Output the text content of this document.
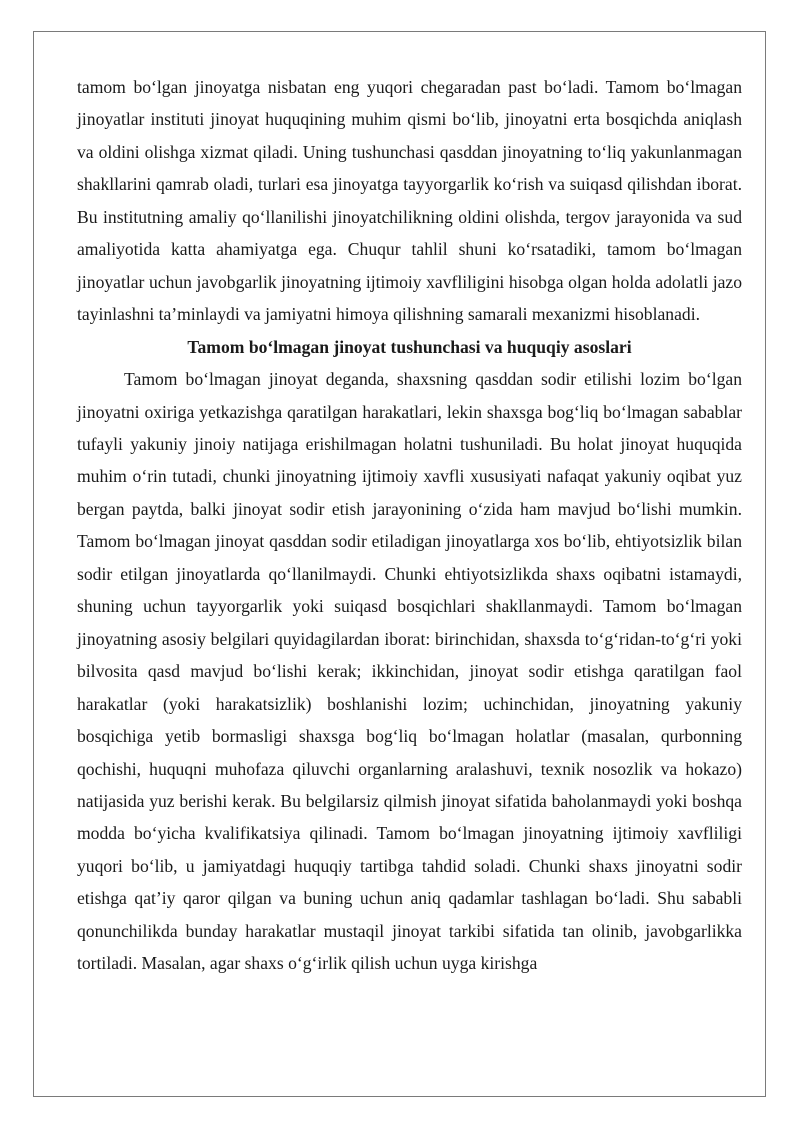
tamom bo‘lgan jinoyatga nisbatan eng yuqori chegaradan past bo‘ladi. Tamom bo‘lmagan jinoyatlar instituti jinoyat huquqining muhim qismi bo‘lib, jinoyatni erta bosqichda aniqlash va oldini olishga xizmat qiladi. Uning tushunchasi qasddan jinoyatning to‘liq yakunlanmagan shakllarini qamrab oladi, turlari esa jinoyatga tayyorgarlik ko‘rish va suiqasd qilishdan iborat. Bu institutning amaliy qo‘llanilishi jinoyatchilikning oldini olishda, tergov jarayonida va sud amaliyotida katta ahamiyatga ega. Chuqur tahlil shuni ko‘rsatadiki, tamom bo‘lmagan jinoyatlar uchun javobgarlik jinoyatning ijtimoiy xavfliligini hisobga olgan holda adolatli jazo tayinlashni ta’minlaydi va jamiyatni himoya qilishning samarali mexanizmi hisoblanadi.

Tamom bo‘lmagan jinoyat tushunchasi va huquqiy asoslari

Tamom bo‘lmagan jinoyat deganda, shaxsning qasddan sodir etilishi lozim bo‘lgan jinoyatni oxiriga yetkazishga qaratilgan harakatlari, lekin shaxsga bog‘liq bo‘lmagan sabablar tufayli yakuniy jinoiy natijaga erishilmagan holatni tushuniladi. Bu holat jinoyat huquqida muhim o‘rin tutadi, chunki jinoyatning ijtimoiy xavfli xususiyati nafaqat yakuniy oqibat yuz bergan paytda, balki jinoyat sodir etish jarayonining o‘zida ham mavjud bo‘lishi mumkin. Tamom bo‘lmagan jinoyat qasddan sodir etiladigan jinoyatlarga xos bo‘lib, ehtiyotsizlik bilan sodir etilgan jinoyatlarda qo‘llanilmaydi. Chunki ehtiyotsizlikda shaxs oqibatni istamaydi, shuning uchun tayyorgarlik yoki suiqasd bosqichlari shakllanmaydi. Tamom bo‘lmagan jinoyatning asosiy belgilari quyidagilardan iborat: birinchidan, shaxsda to‘g‘ridan-to‘g‘ri yoki bilvosita qasd mavjud bo‘lishi kerak; ikkinchidan, jinoyat sodir etishga qaratilgan faol harakatlar (yoki harakatsizlik) boshlanishi lozim; uchinchidan, jinoyatning yakuniy bosqichiga yetib bormasligi shaxsga bog‘liq bo‘lmagan holatlar (masalan, qurbonning qochishi, huquqni muhofaza qiluvchi organlarning aralashuvi, texnik nosozlik va hokazo) natijasida yuz berishi kerak. Bu belgilarsiz qilmish jinoyat sifatida baholanmaydi yoki boshqa modda bo‘yicha kvalifikatsiya qilinadi. Tamom bo‘lmagan jinoyatning ijtimoiy xavfliligi yuqori bo‘lib, u jamiyatdagi huquqiy tartibga tahdid soladi. Chunki shaxs jinoyatni sodir etishga qat’iy qaror qilgan va buning uchun aniq qadamlar tashlagan bo‘ladi. Shu sababli qonunchilikda bunday harakatlar mustaqil jinoyat tarkibi sifatida tan olinib, javobgarlikka tortiladi. Masalan, agar shaxs o‘g‘irlik qilish uchun uyga kirishga
